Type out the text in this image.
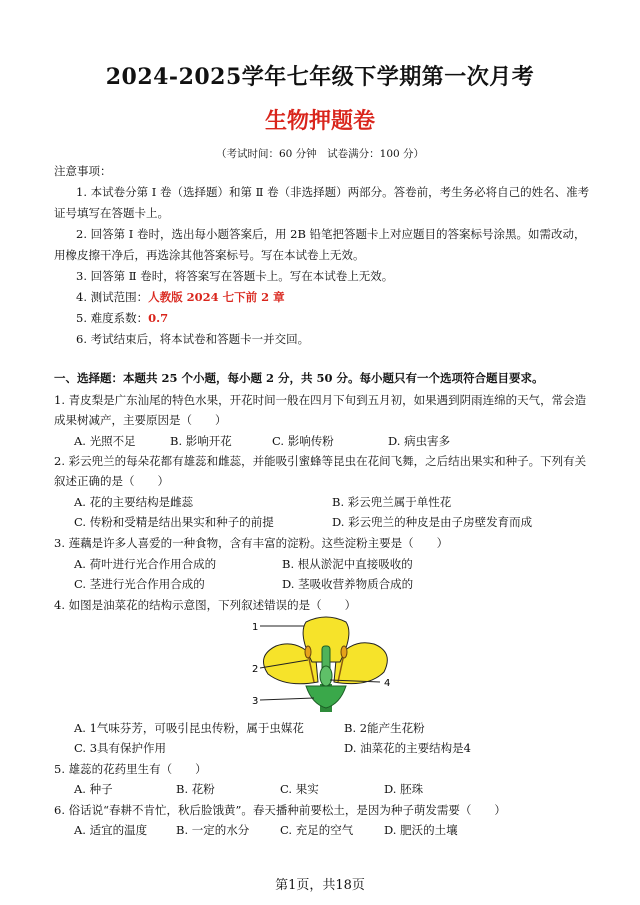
2024-2025学年七年级下学期第一次月考
生物押题卷
（考试时间：60 分钟　试卷满分：100 分）
注意事项：
1. 本试卷分第 Ⅰ 卷（选择题）和第 Ⅱ 卷（非选择题）两部分。答卷前，考生务必将自己的姓名、准考
证号填写在答题卡上。
2. 回答第 Ⅰ 卷时，选出每小题答案后，用 2B 铅笔把答题卡上对应题目的答案标号涂黑。如需改动，
用橡皮擦干净后，再选涂其他答案标号。写在本试卷上无效。
3. 回答第 Ⅱ 卷时，将答案写在答题卡上。写在本试卷上无效。
4. 测试范围：人教版 2024 七下前 2 章
5. 难度系数：0.7
6. 考试结束后，将本试卷和答题卡一并交回。
一、选择题：本题共 25 个小题，每小题 2 分，共 50 分。每小题只有一个选项符合题目要求。
1. 青皮梨是广东汕尾的特色水果，开花时间一般在四月下旬到五月初，如果遇到阴雨连绵的天气，常会造
成果树减产，主要原因是（　　）
A. 光照不足	B. 影响开花	C. 影响传粉	D. 病虫害多
2. 彩云兜兰的每朵花都有雄蕊和雌蕊，并能吸引蜜蜂等昆虫在花间飞舞，之后结出果实和种子。下列有关
叙述正确的是（　　）
A. 花的主要结构是雌蕊	B. 彩云兜兰属于单性花
C. 传粉和受精是结出果实和种子的前提	D. 彩云兜兰的种皮是由子房壁发育而成
3. 莲藕是许多人喜爱的一种食物，含有丰富的淀粉。这些淀粉主要是（　　）
A. 荷叶进行光合作用合成的	B. 根从淤泥中直接吸收的
C. 茎进行光合作用合成的	D. 茎吸收营养物质合成的
4. 如图是油菜花的结构示意图，下列叙述错误的是（　　）
1
2
3
4
A. 1气味芬芳，可吸引昆虫传粉，属于虫媒花	B. 2能产生花粉
C. 3具有保护作用	D. 油菜花的主要结构是4
5. 雄蕊的花药里生有（　　）
A. 种子	B. 花粉	C. 果实	D. 胚珠
6. 俗话说“春耕不肯忙，秋后脸饿黄”。春天播种前要松土，是因为种子萌发需要（　　）
A. 适宜的温度	B. 一定的水分	C. 充足的空气	D. 肥沃的土壤
第1页，共18页
